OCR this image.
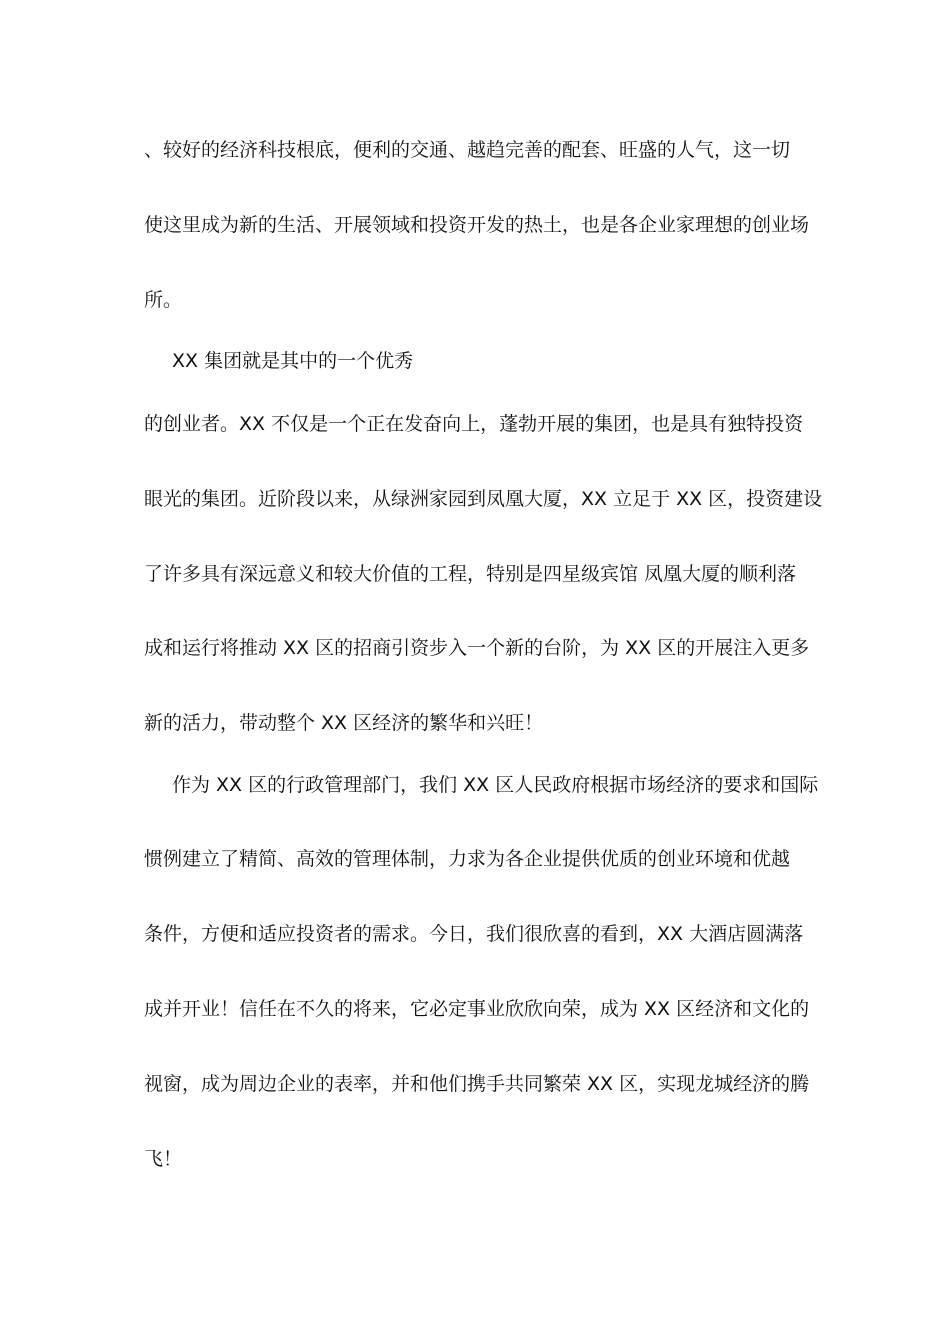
、较好的经济科技根底，便利的交通、越趋完善的配套、旺盛的人气，这一切
使这里成为新的生活、开展领域和投资开发的热土，也是各企业家理想的创业场
所。
XX 集团就是其中的一个优秀
的创业者。XX 不仅是一个正在发奋向上，蓬勃开展的集团，也是具有独特投资
眼光的集团。近阶段以来，从绿洲家园到凤凰大厦，XX 立足于 XX 区，投资建设
了许多具有深远意义和较大价值的工程，特别是四星级宾馆 凤凰大厦的顺利落
成和运行将推动 XX 区的招商引资步入一个新的台阶，为 XX 区的开展注入更多
新的活力，带动整个 XX 区经济的繁华和兴旺！
作为 XX 区的行政管理部门，我们 XX 区人民政府根据市场经济的要求和国际
惯例建立了精简、高效的管理体制，力求为各企业提供优质的创业环境和优越
条件，方便和适应投资者的需求。今日，我们很欣喜的看到，XX 大酒店圆满落
成并开业！信任在不久的将来，它必定事业欣欣向荣，成为 XX 区经济和文化的
视窗，成为周边企业的表率，并和他们携手共同繁荣 XX 区，实现龙城经济的腾
飞！
